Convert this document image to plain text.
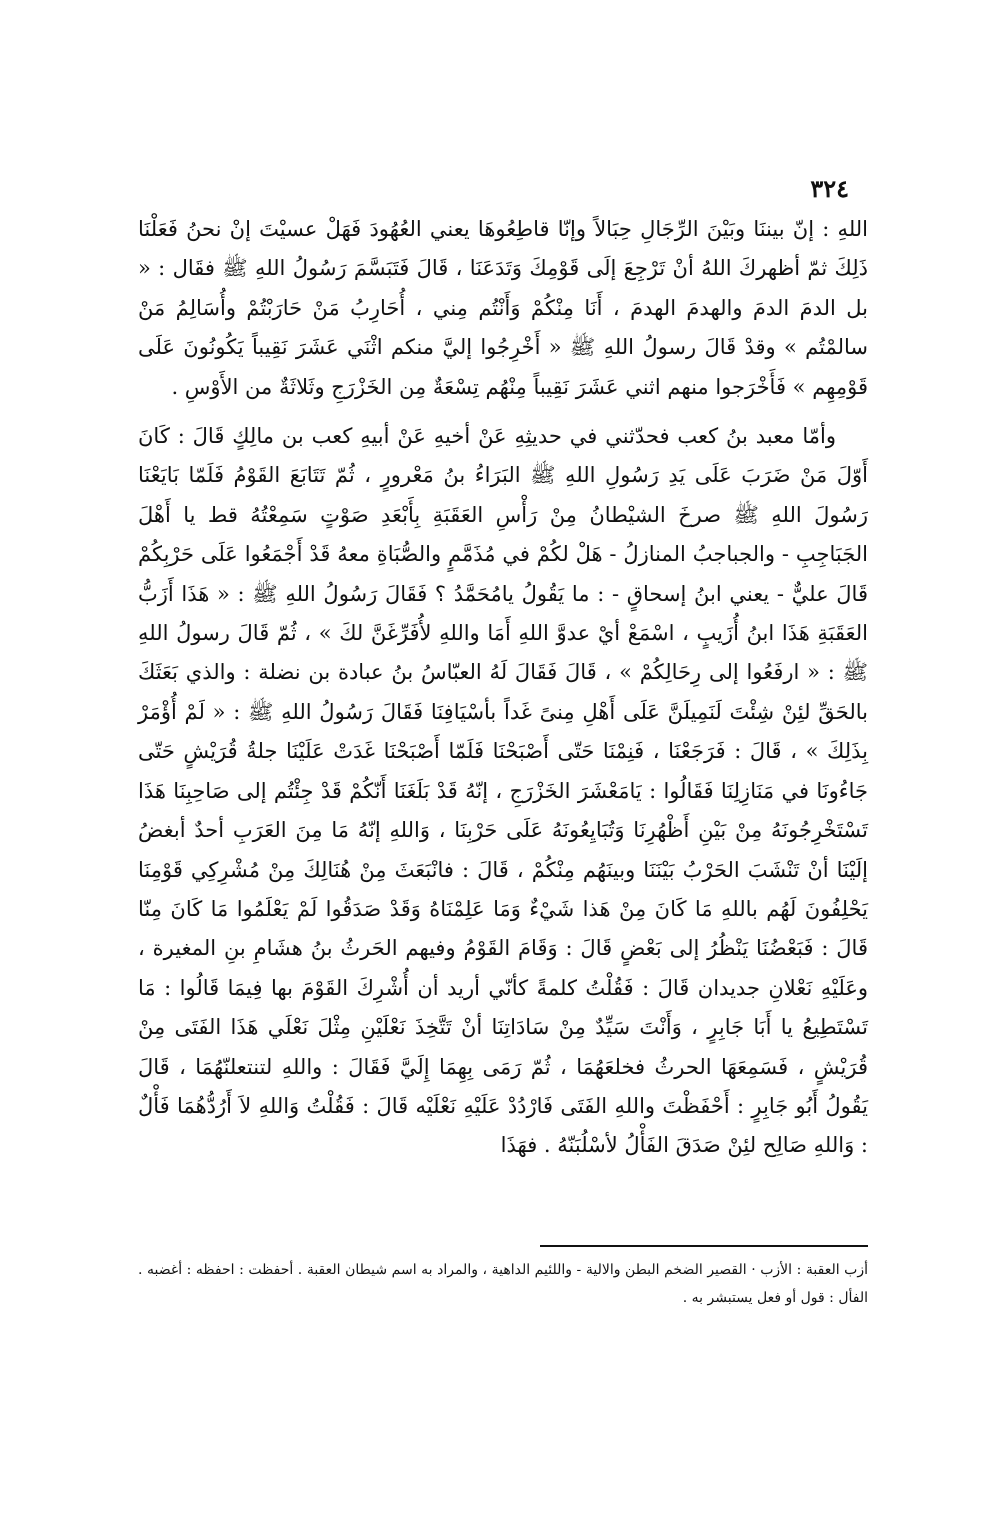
٣٢٤

اللهِ : إنّ بيننَا وبَيْنَ الرِّجَالِ حِبَالاً وإنّا قاطِعُوهَا يعني العُهُودَ فَهَلْ عسيْتَ إنْ نحنُ فَعَلْنَا ذَلِكَ ثمّ أظهركَ اللهُ أنْ تَرْجِعَ إلَى قَوْمِكَ وَتَدَعَنَا ، قَالَ فَتَبَسَّمَ رَسُولُ اللهِ ﷺ فقَال : « بل الدمَ الدمَ والهدمَ الهدمَ ، أَنَا مِنْكُمْ وَأَنْتُم مِني ، أُحَارِبُ مَنْ حَارَبْتُمْ وأُسَالِمُ مَنْ سالمْتُم » وقدْ قَالَ رسولُ اللهِ ﷺ « أَخْرِجُوا إليَّ منكم اثْنَي عَشَرَ نَقِيباً يَكُونُونَ عَلَى قَوْمِهِم » فَأَخْرَجوا منهم اثني عَشَرَ نَقِيباً مِنْهُم تِسْعَةٌ مِن الخَزْرَجِ وثَلاثَةٌ من الأَوْسِ .

وأمّا معبد بنُ كعب فحدّثني في حديثِهِ عَنْ أخيهِ عَنْ أبيهِ كعب بن مالِكٍ قَالَ : كَانَ أَوّلَ مَنْ ضَرَبَ عَلَى يَدِ رَسُولِ اللهِ ﷺ البَرَاءُ بنُ مَعْرورٍ ، ثُمّ تَتَابَعَ القَوْمُ فَلَمّا بَايَعْنَا رَسُولَ اللهِ ﷺ صرخَ الشيْطانُ مِنْ رَأْسِ العَقَبَةِ بِأَبْعَدِ صَوْتٍ سَمِعْتُهُ قط يا أَهْلَ الجَبَاجِبِ - والجباجبُ المنازلُ - هَلْ لكُمْ في مُذَمَّمٍ والصُّبَاةِ معهُ قَدْ أَجْمَعُوا عَلَى حَرْبِكُمْ قَالَ عليٌّ - يعني ابنُ إسحاقٍ - : ما يَقُولُ يامُحَمَّدُ ؟ فَقَالَ رَسُولُ اللهِ ﷺ : « هَذَا أَزَبُّ العَقَبَةِ هَذَا ابنُ أُزَيبٍ ، اسْمَعْ أيْ عدوَّ اللهِ أَمَا واللهِ لأُفَرِّغَنَّ لكَ » ، ثُمّ قَالَ رسولُ اللهِ ﷺ : « ارفَعُوا إلى رِحَالِكُمْ » ، قَالَ فَقَالَ لَهُ العبّاسُ بنُ عبادة بن نضلة : والذي بَعَثَكَ بالحَقِّ لئِنْ شِئْتَ لَنَمِيلَنَّ عَلَى أَهْلِ مِنىً غَداً بأسْيَافِنَا فَقَالَ رَسُولُ اللهِ ﷺ : « لَمْ أُؤْمَرْ بِذَلِكَ » ، قَالَ : فَرَجَعْنَا ، فَنِمْنَا حَتّى أَصْبَحْنَا فَلَمّا أَصْبَحْنَا غَدَتْ عَلَيْنَا جلةُ قُرَيْشٍ حَتّى جَاءُونَا في مَنَازِلِنَا فَقَالُوا : يَامَعْشَرَ الخَزْرَجِ ، إنّهُ قَدْ بَلَغَنَا أَنّكُمْ قَدْ جِئْتُم إلى صَاحِبِنَا هَذَا تَسْتَخْرِجُونَهُ مِنْ بَيْنِ أَظْهُرِنَا وَتُبَايِعُونَهُ عَلَى حَرْبِنَا ، وَاللهِ إنّهُ مَا مِنَ العَرَبِ أحدٌ أبغضُ إلَيْنَا أنْ تَنْشَبَ الحَرْبُ بَيْنَنَا وبينَهُم مِنْكُمْ ، قَالَ : فانْبَعَثَ مِنْ هُنَالِكَ مِنْ مُشْرِكِي قَوْمِنَا يَحْلِفُونَ لَهُم باللهِ مَا كَانَ مِنْ هَذا شَيْءٌ وَمَا عَلِمْنَاهُ وَقَدْ صَدَقُوا لَمْ يَعْلَمُوا مَا كَانَ مِنّا قَالَ : فَبَعْضُنَا يَنْظُرُ إلى بَعْضٍ قَالَ : وَقَامَ القَوْمُ وفيهم الحَرثُ بنُ هشَامِ بنِ المغيرة ، وعَلَيْهِ نَعْلانِ جديدان قَالَ : فَقُلْتُ كلمةً كأنّي أريد أن أُشْرِكَ القَوْمَ بها فِيمَا قَالُوا : مَا تَسْتَطِيعُ يا أَبَا جَابِرٍ ، وَأَنْتَ سَيِّدٌ مِنْ سَادَاتِنَا أنْ تَتَّخِذَ نَعْلَيْنِ مِثْلَ نَعْلَي هَذَا الفَتَى مِنْ قُرَيْشٍ ، فَسَمِعَهَا الحرثُ فخلعَهُمَا ، ثُمّ رَمَى بِهِمَا إِلَيَّ فَقَالَ : واللهِ لتنتعلنّهُمَا ، قَالَ يَقُولُ أَبُو جَابِرٍ : أَحْفَظْتَ واللهِ الفَتَى فَارْدُدْ عَلَيْهِ نَعْلَيْه قَالَ : فَقُلْتُ وَاللهِ لاَ أَرُدُّهُمَا فَأْلٌ : وَاللهِ صَالِح لئِنْ صَدَقَ الفَأْلُ لأسْلُبَنّهُ . فهَذَا

أزب العقبة : الأزب · القصير الضخم البطن والالية - واللئيم الداهية ، والمراد به اسم شيطان العقبة . أحفظت : احفظه : أغضبه . الفأل : قول أو فعل يستبشر به .
